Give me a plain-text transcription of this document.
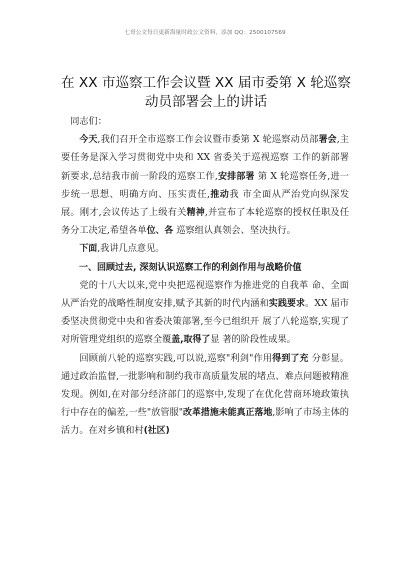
七哥公文每日更新海量时政公文资料，添加 QQ：2500107569
在 XX 市巡察工作会议暨 XX 届市委第 X 轮巡察动员部署会上的讲话

同志们：

今天,我们召开全市巡察工作会议暨市委第 X 轮巡察动员部署会,主要任务是深入学习贯彻党中央和 XX 省委关于巡视巡察 工作的新部署新要求,总结我市前一阶段的巡察工作,安排部署 第 X 轮巡察任务,进一步统一思想、明确方向、压实责任,推动我 市全面从严治党向纵深发展。刚才,会议传达了上级有关精神,并宣布了本轮巡察的授权任职及任务分工决定,希望各单位、各 巡察组认真领会、坚决执行。

下面,我讲几点意见。

一、回顾过去, 深刻认识巡察工作的利剑作用与战略价值

党的十八大以来,党中央把巡视巡察作为推进党的自我革 命、全面从严治党的战略性制度安排,赋予其新的时代内涵和实践要求。XX 届市委坚决贯彻党中央和省委决策部署,至今已组织开 展了八轮巡察,实现了对所管理党组织的巡察全覆盖,取得了显 著的阶段性成果。

回顾前八轮的巡察实践,可以说,巡察"利剑"作用得到了充 分彰显。通过政治监督,一批影响和制约我市高质量发展的堵点、难点问题被精准发现。例如,在对部分经济部门的巡察中,发现了在优化营商环境政策执行中存在的偏差,一些"放管服"改革措施未能真正落地,影响了市场主体的活力。在对乡镇和村(社区)
